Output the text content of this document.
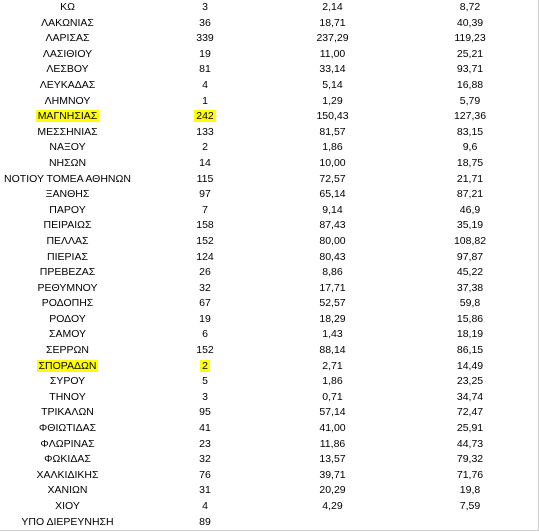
ΚΩ	3	2,14	8,72
ΛΑΚΩΝΙΑΣ	36	18,71	40,39
ΛΑΡΙΣΑΣ	339	237,29	119,23
ΛΑΣΙΘΙΟΥ	19	11,00	25,21
ΛΕΣΒΟΥ	81	33,14	93,71
ΛΕΥΚΑΔΑΣ	4	5,14	16,88
ΛΗΜΝΟΥ	1	1,29	5,79
ΜΑΓΝΗΣΙΑΣ	242	150,43	127,36
ΜΕΣΣΗΝΙΑΣ	133	81,57	83,15
ΝΑΞΟΥ	2	1,86	9,6
ΝΗΣΩΝ	14	10,00	18,75
ΝΟΤΙΟΥ ΤΟΜΕΑ ΑΘΗΝΩΝ	115	72,57	21,71
ΞΑΝΘΗΣ	97	65,14	87,21
ΠΑΡΟΥ	7	9,14	46,9
ΠΕΙΡΑΙΩΣ	158	87,43	35,19
ΠΕΛΛΑΣ	152	80,00	108,82
ΠΙΕΡΙΑΣ	124	80,43	97,87
ΠΡΕΒΕΖΑΣ	26	8,86	45,22
ΡΕΘΥΜΝΟΥ	32	17,71	37,38
ΡΟΔΟΠΗΣ	67	52,57	59,8
ΡΟΔΟΥ	19	18,29	15,86
ΣΑΜΟΥ	6	1,43	18,19
ΣΕΡΡΩΝ	152	88,14	86,15
ΣΠΟΡΑΔΩΝ	2	2,71	14,49
ΣΥΡΟΥ	5	1,86	23,25
ΤΗΝΟΥ	3	0,71	34,74
ΤΡΙΚΑΛΩΝ	95	57,14	72,47
ΦΘΙΩΤΙΔΑΣ	41	41,00	25,91
ΦΛΩΡΙΝΑΣ	23	11,86	44,73
ΦΩΚΙΔΑΣ	32	13,57	79,32
ΧΑΛΚΙΔΙΚΗΣ	76	39,71	71,76
ΧΑΝΙΩΝ	31	20,29	19,8
ΧΙΟΥ	4	4,29	7,59
ΥΠΟ ΔΙΕΡΕΥΝΗΣΗ	89
